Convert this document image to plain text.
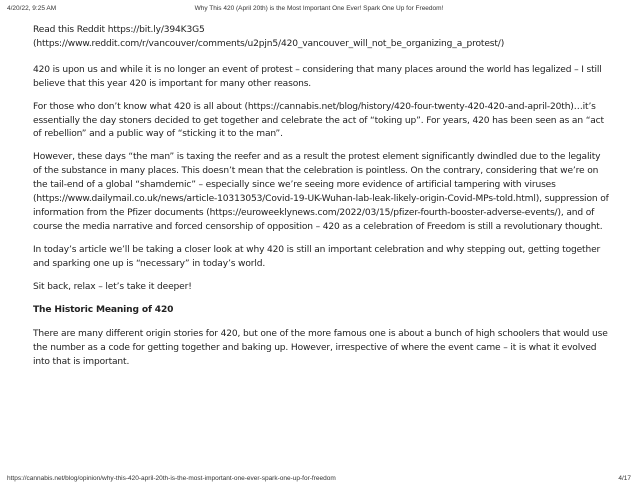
4/20/22, 9:25 AM	Why This 420 (April 20th) is the Most Important One Ever! Spark One Up for Freedom!

Read this Reddit https://bit.ly/394K3G5 (https://www.reddit.com/r/vancouver/comments/u2pjn5/420_vancouver_will_not_be_organizing_a_protest/)

420 is upon us and while it is no longer an event of protest – considering that many places around the world has legalized – I still believe that this year 420 is important for many other reasons.

For those who don’t know what 420 is all about (https://cannabis.net/blog/history/420-four-twenty-420-420-and-april-20th)…it’s essentially the day stoners decided to get together and celebrate the act of “toking up”. For years, 420 has been seen as an “act of rebellion” and a public way of “sticking it to the man”.

However, these days “the man” is taxing the reefer and as a result the protest element significantly dwindled due to the legality of the substance in many places. This doesn’t mean that the celebration is pointless. On the contrary, considering that we’re on the tail-end of a global “shamdemic” – especially since we’re seeing more evidence of artificial tampering with viruses (https://www.dailymail.co.uk/news/article-10313053/Covid-19-UK-Wuhan-lab-leak-likely-origin-Covid-MPs-told.html), suppression of information from the Pfizer documents (https://euroweeklynews.com/2022/03/15/pfizer-fourth-booster-adverse-events/), and of course the media narrative and forced censorship of opposition – 420 as a celebration of Freedom is still a revolutionary thought.

In today’s article we’ll be taking a closer look at why 420 is still an important celebration and why stepping out, getting together and sparking one up is “necessary” in today’s world.

Sit back, relax – let’s take it deeper!

The Historic Meaning of 420

There are many different origin stories for 420, but one of the more famous one is about a bunch of high schoolers that would use the number as a code for getting together and baking up. However, irrespective of where the event came – it is what it evolved into that is important.

https://cannabis.net/blog/opinion/why-this-420-april-20th-is-the-most-important-one-ever-spark-one-up-for-freedom	4/17
